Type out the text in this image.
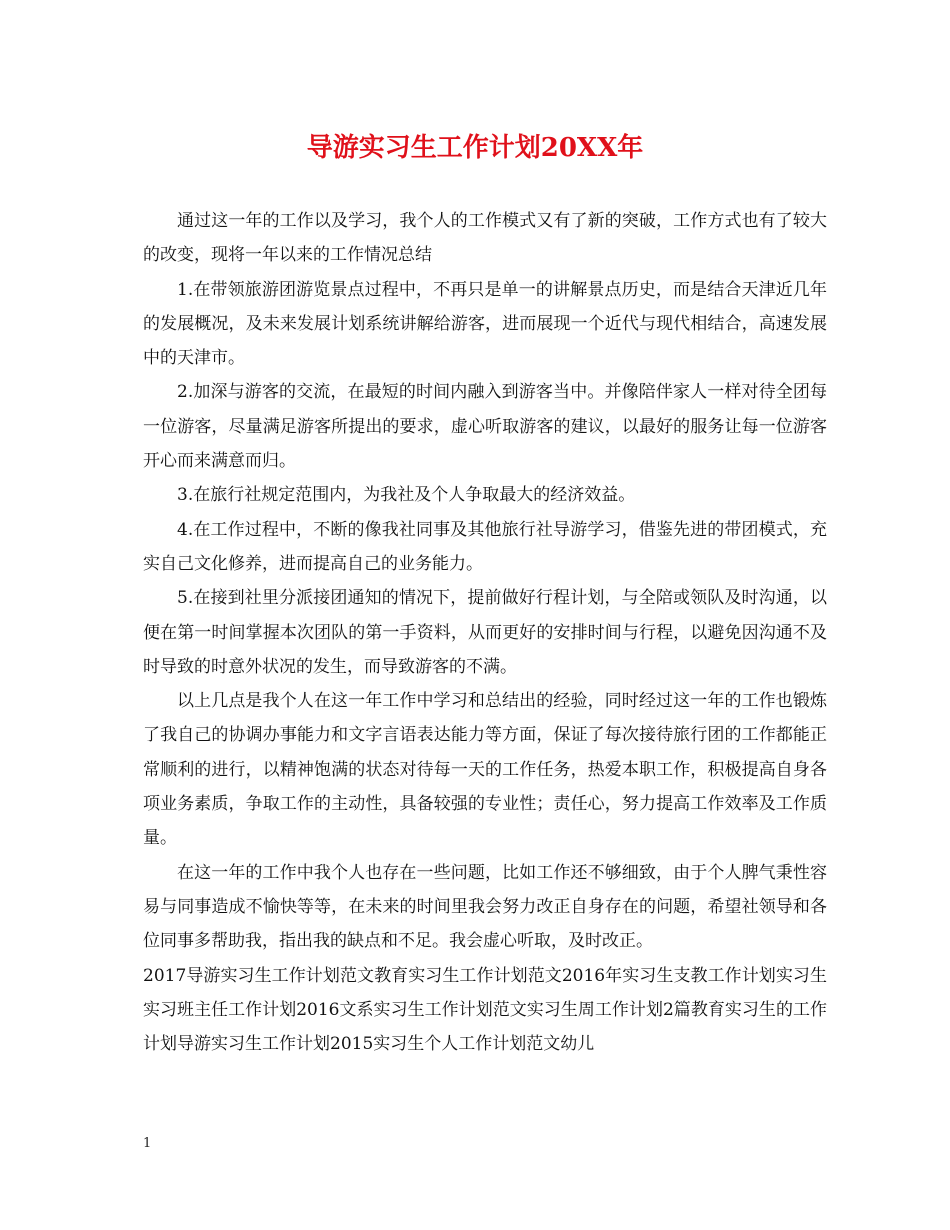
导游实习生工作计划20XX年

通过这一年的工作以及学习，我个人的工作模式又有了新的突破，工作方式也有了较大的改变，现将一年以来的工作情况总结

1.在带领旅游团游览景点过程中，不再只是单一的讲解景点历史，而是结合天津近几年的发展概况，及未来发展计划系统讲解给游客，进而展现一个近代与现代相结合，高速发展中的天津市。

2.加深与游客的交流，在最短的时间内融入到游客当中。并像陪伴家人一样对待全团每一位游客，尽量满足游客所提出的要求，虚心听取游客的建议，以最好的服务让每一位游客开心而来满意而归。

3.在旅行社规定范围内，为我社及个人争取最大的经济效益。

4.在工作过程中，不断的像我社同事及其他旅行社导游学习，借鉴先进的带团模式，充实自己文化修养，进而提高自己的业务能力。

5.在接到社里分派接团通知的情况下，提前做好行程计划，与全陪或领队及时沟通，以便在第一时间掌握本次团队的第一手资料，从而更好的安排时间与行程，以避免因沟通不及时导致的时意外状况的发生，而导致游客的不满。

以上几点是我个人在这一年工作中学习和总结出的经验，同时经过这一年的工作也锻炼了我自己的协调办事能力和文字言语表达能力等方面，保证了每次接待旅行团的工作都能正常顺利的进行，以精神饱满的状态对待每一天的工作任务，热爱本职工作，积极提高自身各项业务素质，争取工作的主动性，具备较强的专业性；责任心，努力提高工作效率及工作质量。

在这一年的工作中我个人也存在一些问题，比如工作还不够细致，由于个人脾气秉性容易与同事造成不愉快等等，在未来的时间里我会努力改正自身存在的问题，希望社领导和各位同事多帮助我，指出我的缺点和不足。我会虚心听取，及时改正。

2017导游实习生工作计划范文教育实习生工作计划范文2016年实习生支教工作计划实习生实习班主任工作计划2016文系实习生工作计划范文实习生周工作计划2篇教育实习生的工作计划导游实习生工作计划2015实习生个人工作计划范文幼儿

1
